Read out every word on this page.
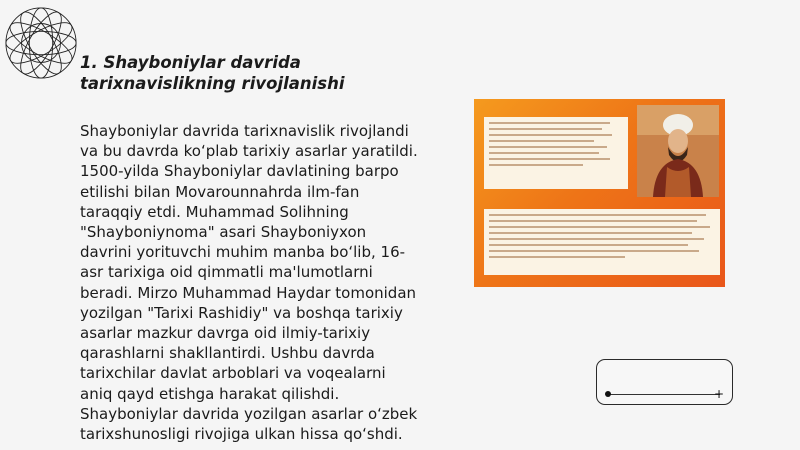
1. Shayboniylar davrida tarixnavislikning rivojlanishi

Shayboniylar davrida tarixnavislik rivojlandi va bu davrda koʻplab tarixiy asarlar yaratildi. 1500-yilda Shayboniylar davlatining barpo etilishi bilan Movarounnahrda ilm-fan taraqqiy etdi. Muhammad Solihning "Shayboniynoma" asari Shayboniyxon davrini yorituvchi muhim manba boʻlib, 16-asr tarixiga oid qimmatli ma'lumotlarni beradi. Mirzo Muhammad Haydar tomonidan yozilgan "Tarixi Rashidiy" va boshqa tarixiy asarlar mazkur davrga oid ilmiy-tarixiy qarashlarni shakllantirdi. Ushbu davrda tarixchilar davlat arboblari va voqealarni aniq qayd etishga harakat qilishdi. Shayboniylar davrida yozilgan asarlar oʻzbek tarixshunosligi rivojiga ulkan hissa qoʻshdi.

+
